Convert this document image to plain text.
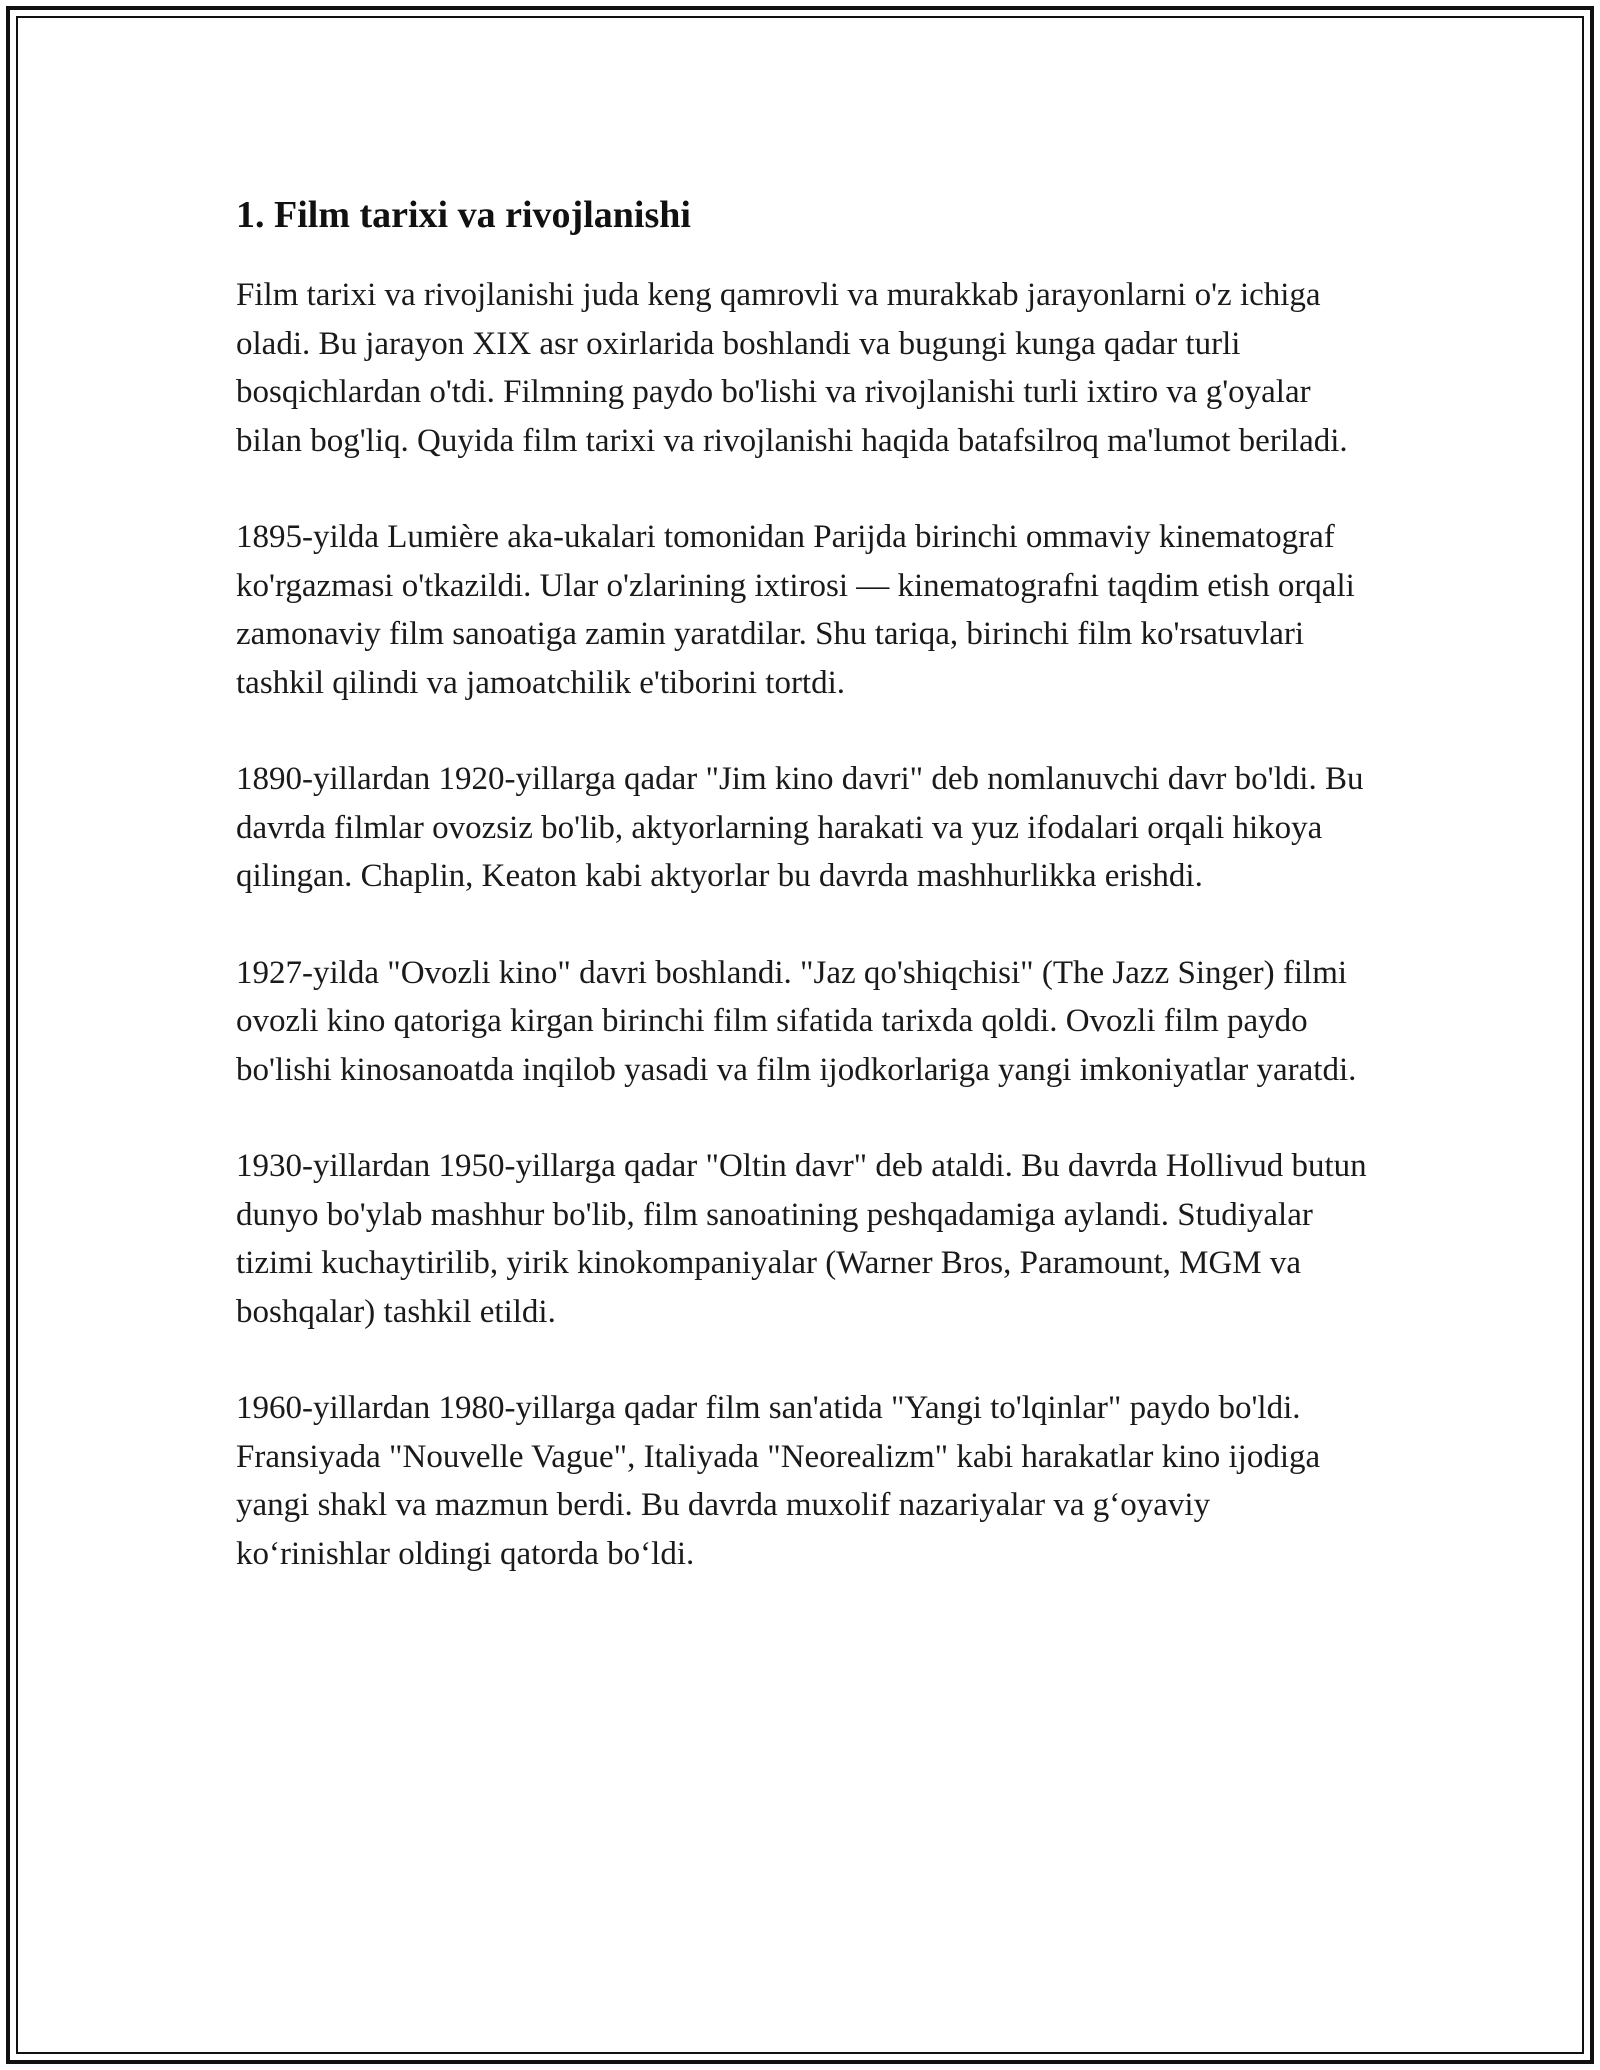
1. Film tarixi va rivojlanishi

Film tarixi va rivojlanishi juda keng qamrovli va murakkab jarayonlarni o'z ichiga oladi. Bu jarayon XIX asr oxirlarida boshlandi va bugungi kunga qadar turli bosqichlardan o'tdi. Filmning paydo bo'lishi va rivojlanishi turli ixtiro va g'oyalar bilan bog'liq. Quyida film tarixi va rivojlanishi haqida batafsilroq ma'lumot beriladi.

1895-yilda Lumière aka-ukalari tomonidan Parijda birinchi ommaviy kinematograf ko'rgazmasi o'tkazildi. Ular o'zlarining ixtirosi — kinematografni taqdim etish orqali zamonaviy film sanoatiga zamin yaratdilar. Shu tariqa, birinchi film ko'rsatuvlari tashkil qilindi va jamoatchilik e'tiborini tortdi.

1890-yillardan 1920-yillarga qadar "Jim kino davri" deb nomlanuvchi davr bo'ldi. Bu davrda filmlar ovozsiz bo'lib, aktyorlarning harakati va yuz ifodalari orqali hikoya qilingan. Chaplin, Keaton kabi aktyorlar bu davrda mashhurlikka erishdi.

1927-yilda "Ovozli kino" davri boshlandi. "Jaz qo'shiqchisi" (The Jazz Singer) filmi ovozli kino qatoriga kirgan birinchi film sifatida tarixda qoldi. Ovozli film paydo bo'lishi kinosanoatda inqilob yasadi va film ijodkorlariga yangi imkoniyatlar yaratdi.

1930-yillardan 1950-yillarga qadar "Oltin davr" deb ataldi. Bu davrda Hollivud butun dunyo bo'ylab mashhur bo'lib, film sanoatining peshqadamiga aylandi. Studiyalar tizimi kuchaytirilib, yirik kinokompaniyalar (Warner Bros, Paramount, MGM va boshqalar) tashkil etildi.

1960-yillardan 1980-yillarga qadar film san'atida "Yangi to'lqinlar" paydo bo'ldi. Fransiyada "Nouvelle Vague", Italiyada "Neorealizm" kabi harakatlar kino ijodiga yangi shakl va mazmun berdi. Bu davrda muxolif nazariyalar va g‘oyaviy ko‘rinishlar oldingi qatorda bo‘ldi.
